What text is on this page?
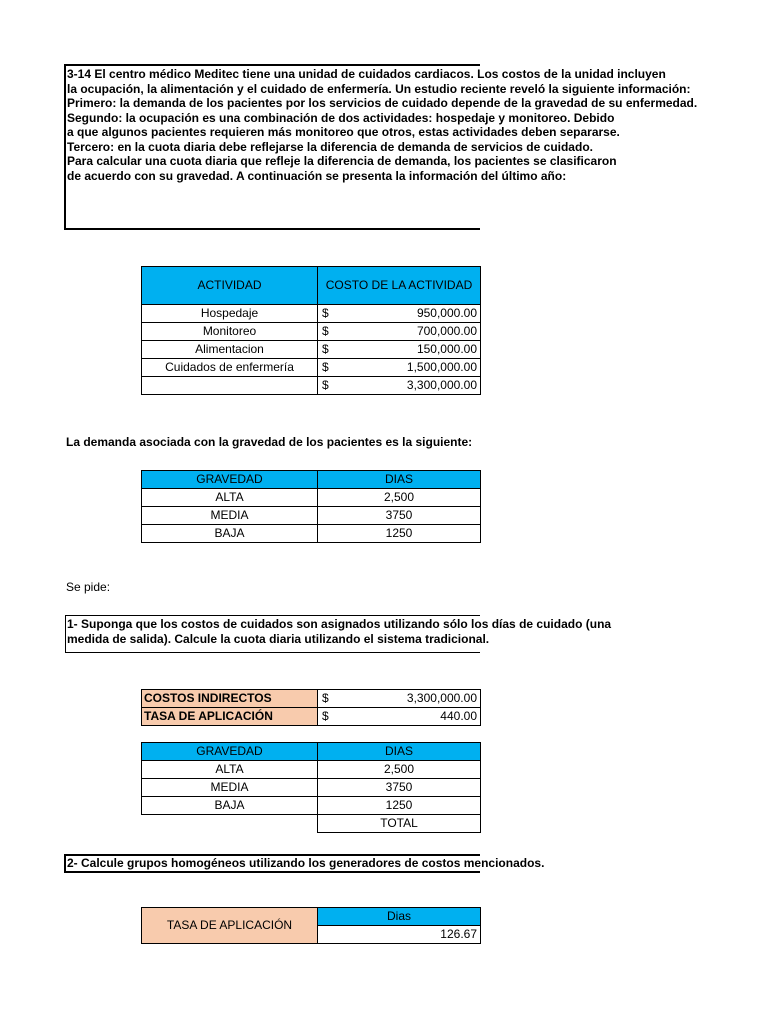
3-14 El centro médico Meditec tiene una unidad de cuidados cardiacos. Los costos de la unidad incluyen
la ocupación, la alimentación y el cuidado de enfermería. Un estudio reciente reveló la siguiente información:
Primero: la demanda de los pacientes por los servicios de cuidado depende de la gravedad de su enfermedad.
Segundo: la ocupación es una combinación de dos actividades: hospedaje y monitoreo. Debido
a que algunos pacientes requieren más monitoreo que otros, estas actividades deben separarse.
Tercero: en la cuota diaria debe reflejarse la diferencia de demanda de servicios de cuidado.
Para calcular una cuota diaria que refleje la diferencia de demanda, los pacientes se clasificaron
de acuerdo con su gravedad. A continuación se presenta la información del último año:
ACTIVIDAD	COSTO DE LA ACTIVIDAD
Hospedaje	$ 950,000.00

Monitoreo	$ 700,000.00

Alimentacion	$ 150,000.00

Cuidados de enfermería	$ 1,500,000.00

	$ 3,300,000.00
La demanda asociada con la gravedad de los pacientes es la siguiente:
GRAVEDAD	DIAS
ALTA	2,500
MEDIA	3750
BAJA	1250
Se pide:
1- Suponga que los costos de cuidados son asignados utilizando sólo los días de cuidado (una
medida de salida). Calcule la cuota diaria utilizando el sistema tradicional.
COSTOS INDIRECTOS	$ 3,300,000.00

TASA DE APLICACIÓN	$ 440.00
GRAVEDAD	DIAS
ALTA	2,500
MEDIA	3750
BAJA	1250
	TOTAL
2- Calcule grupos homogéneos utilizando los generadores de costos mencionados.
TASA DE APLICACIÓN	Dias
126.67
